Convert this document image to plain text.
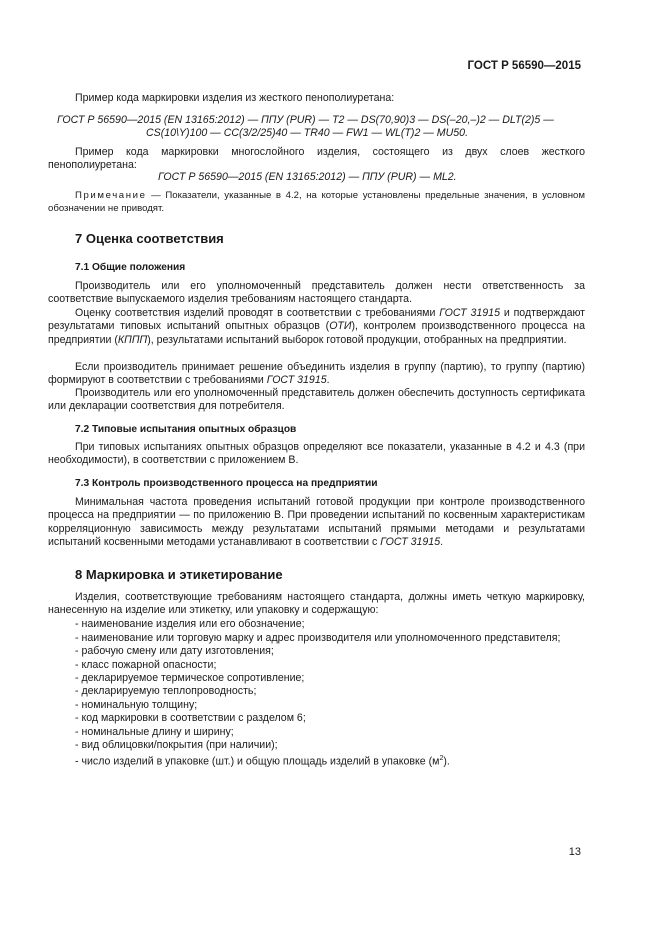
ГОСТ Р 56590—2015
Пример кода маркировки изделия из жесткого пенополиуретана:
ГОСТ Р 56590—2015 (EN 13165:2012) — ППУ (PUR) — T2 — DS(70,90)3 — DS(–20,–)2 — DLT(2)5 —
CS(10\Y)100 — CC(3/2/25)40 — TR40 — FW1 — WL(T)2 — MU50.
Пример кода маркировки многослойного изделия, состоящего из двух слоев жесткого пенополиуретана:
ГОСТ Р 56590—2015 (EN 13165:2012) — ППУ (PUR) — ML2.
Примечание — Показатели, указанные в 4.2, на которые установлены предельные значения, в условном обозначении не приводят.
7 Оценка соответствия
7.1 Общие положения
Производитель или его уполномоченный представитель должен нести ответственность за соответствие выпускаемого изделия требованиям настоящего стандарта.
Оценку соответствия изделий проводят в соответствии с требованиями ГОСТ 31915 и подтверждают результатами типовых испытаний опытных образцов (ОТИ), контролем производственного процесса на предприятии (КППП), результатами испытаний выборок готовой продукции, отобранных на предприятии.
Если производитель принимает решение объединить изделия в группу (партию), то группу (партию) формируют в соответствии с требованиями ГОСТ 31915.
Производитель или его уполномоченный представитель должен обеспечить доступность сертификата или декларации соответствия для потребителя.
7.2 Типовые испытания опытных образцов
При типовых испытаниях опытных образцов определяют все показатели, указанные в 4.2 и 4.3 (при необходимости), в соответствии с приложением В.
7.3 Контроль производственного процесса на предприятии
Минимальная частота проведения испытаний готовой продукции при контроле производственного процесса на предприятии — по приложению В. При проведении испытаний по косвенным характеристикам корреляционную зависимость между результатами испытаний прямыми методами и результатами испытаний косвенными методами устанавливают в соответствии с ГОСТ 31915.
8 Маркировка и этикетирование
Изделия, соответствующие требованиям настоящего стандарта, должны иметь четкую маркировку, нанесенную на изделие или этикетку, или упаковку и содержащую:
- наименование изделия или его обозначение;
- наименование или торговую марку и адрес производителя или уполномоченного представителя;
- рабочую смену или дату изготовления;
- класс пожарной опасности;
- декларируемое термическое сопротивление;
- декларируемую теплопроводность;
- номинальную толщину;
- код маркировки в соответствии с разделом 6;
- номинальные длину и ширину;
- вид облицовки/покрытия (при наличии);
- число изделий в упаковке (шт.) и общую площадь изделий в упаковке $(м^2)$.
13
